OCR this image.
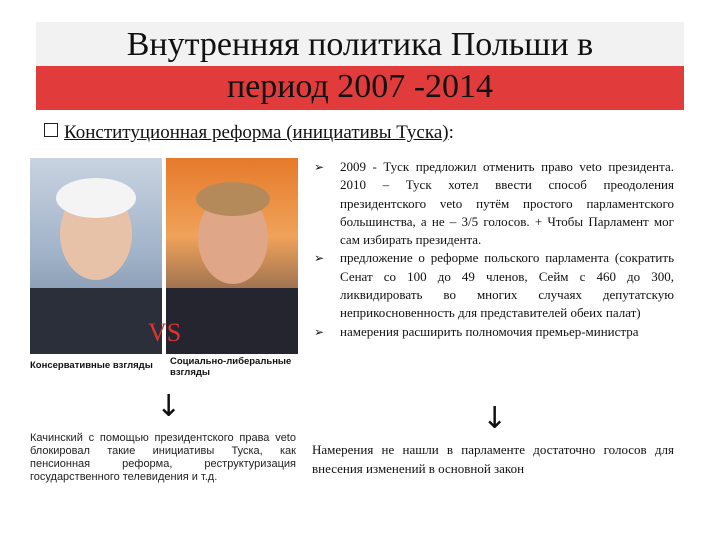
Внутренняя политика Польши в
период 2007 -2014
Конституционная реформа (инициативы Туска):
VS
Консервативные взгляды	Социально-либеральные взгляды
↓
Качинский с помощью президентского права veto блокировал такие инициативы Туска, как пенсионная реформа, реструктуризация государственного телевидения и т.д.
➢ 2009 - Туск предложил отменить право veto президента. 2010 – Туск хотел ввести способ преодоления президентского veto путём простого парламентского большинства, а не – 3/5 голосов. + Чтобы Парламент мог сам избирать президента.
➢ предложение о реформе польского парламента (сократить Сенат со 100 до 49 членов, Сейм с 460 до 300, ликвидировать во многих случаях депутатскую неприкосновенность для представителей обеих палат)
➢ намерения расширить полномочия премьер-министра
↓
Намерения не нашли в парламенте достаточно голосов для внесения изменений в основной закон
